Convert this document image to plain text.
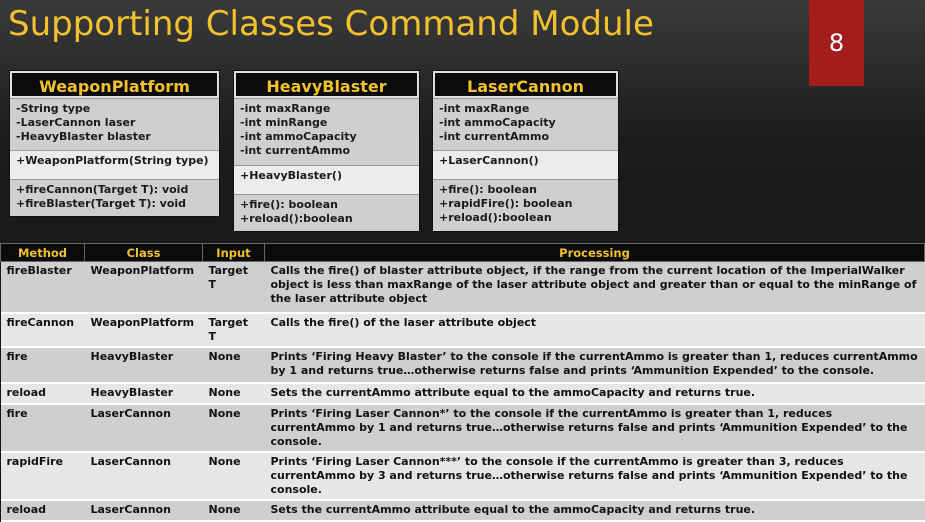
Supporting Classes Command Module	8
WeaponPlatform
-String type
-LaserCannon laser
-HeavyBlaster blaster
+WeaponPlatform(String type)
+fireCannon(Target T): void
+fireBlaster(Target T): void
HeavyBlaster
-int maxRange
-int minRange
-int ammoCapacity
-int currentAmmo
+HeavyBlaster()
+fire(): boolean
+reload():boolean
LaserCannon
-int maxRange
-int ammoCapacity
-int currentAmmo
+LaserCannon()
+fire(): boolean
+rapidFire(): boolean
+reload():boolean
Method	Class	Input	Processing
fireBlaster	WeaponPlatform	Target T	Calls the fire() of blaster attribute object, if the range from the current location of the ImperialWalker object is less than maxRange of the laser attribute object and greater than or equal to the minRange of the laser attribute object
fireCannon	WeaponPlatform	Target T	Calls the fire() of the laser attribute object
fire	HeavyBlaster	None	Prints ‘Firing Heavy Blaster’ to the console if the currentAmmo is greater than 1, reduces currentAmmo by 1 and returns true…otherwise returns false and prints ‘Ammunition Expended’ to the console.
reload	HeavyBlaster	None	Sets the currentAmmo attribute equal to the ammoCapacity and returns true.
fire	LaserCannon	None	Prints ‘Firing Laser Cannon*’ to the console if the currentAmmo is greater than 1, reduces currentAmmo by 1 and returns true…otherwise returns false and prints ‘Ammunition Expended’ to the console.
rapidFire	LaserCannon	None	Prints ‘Firing Laser Cannon***’ to the console if the currentAmmo is greater than 3, reduces currentAmmo by 3 and returns true…otherwise returns false and prints ‘Ammunition Expended’ to the console.
reload	LaserCannon	None	Sets the currentAmmo attribute equal to the ammoCapacity and returns true.
